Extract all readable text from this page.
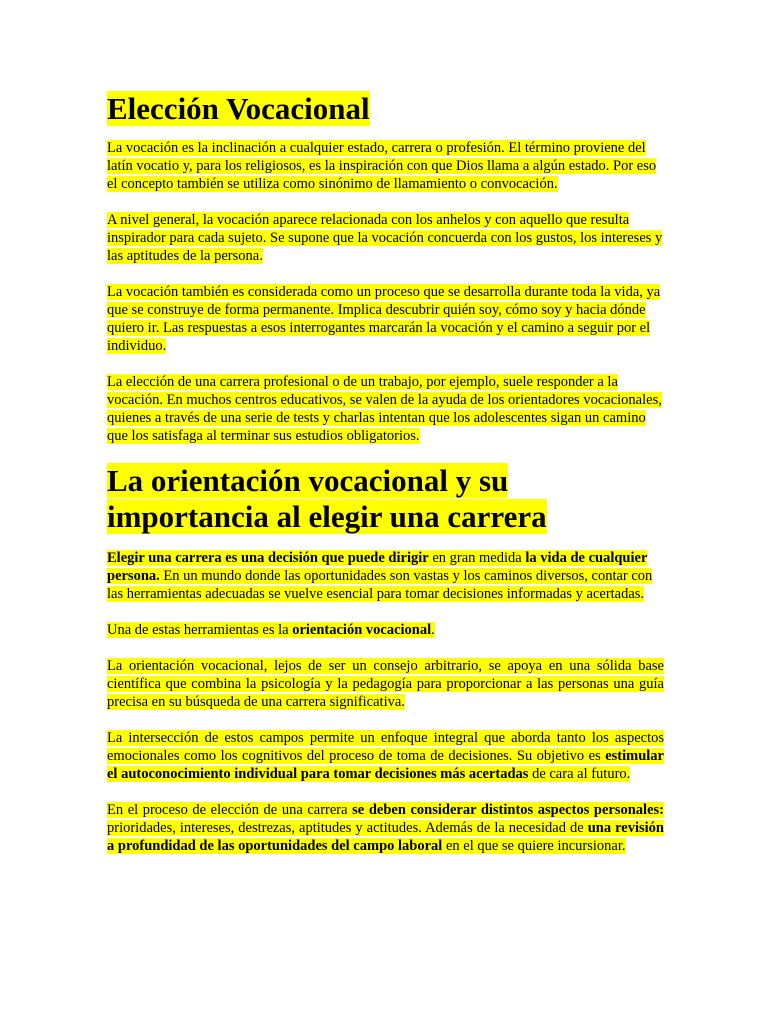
Elección Vocacional

La vocación es la inclinación a cualquier estado, carrera o profesión. El término proviene del latín vocatio y, para los religiosos, es la inspiración con que Dios llama a algún estado. Por eso el concepto también se utiliza como sinónimo de llamamiento o convocación.

A nivel general, la vocación aparece relacionada con los anhelos y con aquello que resulta inspirador para cada sujeto. Se supone que la vocación concuerda con los gustos, los intereses y las aptitudes de la persona.

La vocación también es considerada como un proceso que se desarrolla durante toda la vida, ya que se construye de forma permanente. Implica descubrir quién soy, cómo soy y hacia dónde quiero ir. Las respuestas a esos interrogantes marcarán la vocación y el camino a seguir por el individuo.

La elección de una carrera profesional o de un trabajo, por ejemplo, suele responder a la vocación. En muchos centros educativos, se valen de la ayuda de los orientadores vocacionales, quienes a través de una serie de tests y charlas intentan que los adolescentes sigan un camino que los satisfaga al terminar sus estudios obligatorios.

La orientación vocacional y su importancia al elegir una carrera

Elegir una carrera es una decisión que puede dirigir en gran medida la vida de cualquier persona. En un mundo donde las oportunidades son vastas y los caminos diversos, contar con las herramientas adecuadas se vuelve esencial para tomar decisiones informadas y acertadas.

Una de estas herramientas es la orientación vocacional.

La orientación vocacional, lejos de ser un consejo arbitrario, se apoya en una sólida base científica que combina la psicología y la pedagogía para proporcionar a las personas una guía precisa en su búsqueda de una carrera significativa.

La intersección de estos campos permite un enfoque integral que aborda tanto los aspectos emocionales como los cognitivos del proceso de toma de decisiones. Su objetivo es estimular el autoconocimiento individual para tomar decisiones más acertadas de cara al futuro.

En el proceso de elección de una carrera se deben considerar distintos aspectos personales: prioridades, intereses, destrezas, aptitudes y actitudes. Además de la necesidad de una revisión a profundidad de las oportunidades del campo laboral en el que se quiere incursionar.
